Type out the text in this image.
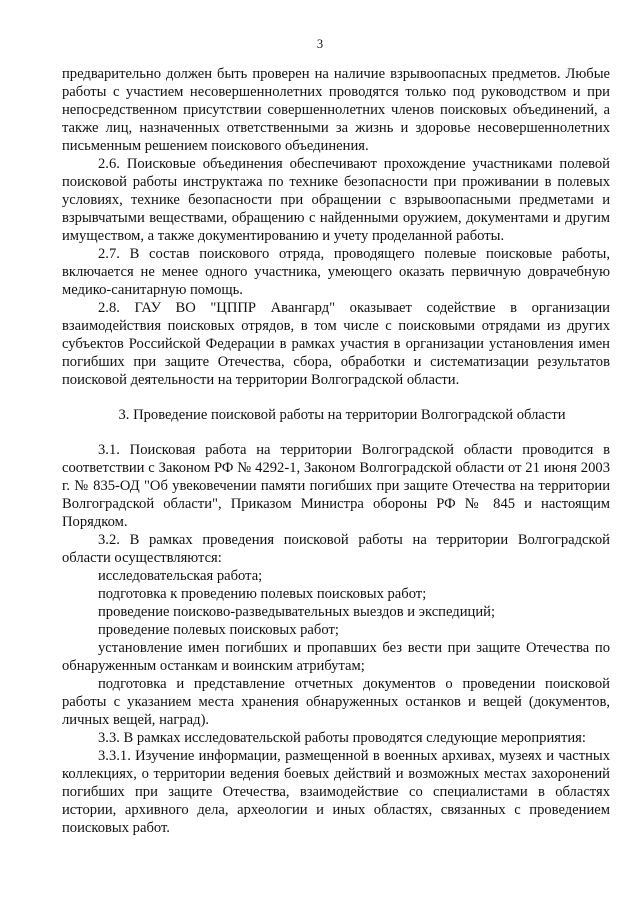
3

предварительно должен быть проверен на наличие взрывоопасных предметов. Любые работы с участием несовершеннолетних проводятся только под руководством и при непосредственном присутствии совершеннолетних членов поисковых объединений, а также лиц, назначенных ответственными за жизнь и здоровье несовершеннолетних письменным решением поискового объединения.

2.6. Поисковые объединения обеспечивают прохождение участниками полевой поисковой работы инструктажа по технике безопасности при проживании в полевых условиях, технике безопасности при обращении с взрывоопасными предметами и взрывчатыми веществами, обращению с найденными оружием, документами и другим имуществом, а также документированию и учету проделанной работы.

2.7. В состав поискового отряда, проводящего полевые поисковые работы, включается не менее одного участника, умеющего оказать первичную доврачебную медико-санитарную помощь.

2.8. ГАУ ВО "ЦППР Авангард" оказывает содействие в организации взаимодействия поисковых отрядов, в том числе с поисковыми отрядами из других субъектов Российской Федерации в рамках участия в организации установления имен погибших при защите Отечества, сбора, обработки и систематизации результатов поисковой деятельности на территории Волгоградской области.

3. Проведение поисковой работы на территории Волгоградской области

3.1. Поисковая работа на территории Волгоградской области проводится в соответствии с Законом РФ № 4292-1, Законом Волгоградской области от 21 июня 2003 г. № 835-ОД "Об увековечении памяти погибших при защите Отечества на территории Волгоградской области", Приказом Министра обороны РФ № 845 и настоящим Порядком.

3.2. В рамках проведения поисковой работы на территории Волгоградской области осуществляются:

исследовательская работа;

подготовка к проведению полевых поисковых работ;

проведение поисково-разведывательных выездов и экспедиций;

проведение полевых поисковых работ;

установление имен погибших и пропавших без вести при защите Отечества по обнаруженным останкам и воинским атрибутам;

подготовка и представление отчетных документов о проведении поисковой работы с указанием места хранения обнаруженных останков и вещей (документов, личных вещей, наград).

3.3. В рамках исследовательской работы проводятся следующие мероприятия:

3.3.1. Изучение информации, размещенной в военных архивах, музеях и частных коллекциях, о территории ведения боевых действий и возможных местах захоронений погибших при защите Отечества, взаимодействие со специалистами в областях истории, архивного дела, археологии и иных областях, связанных с проведением поисковых работ.
